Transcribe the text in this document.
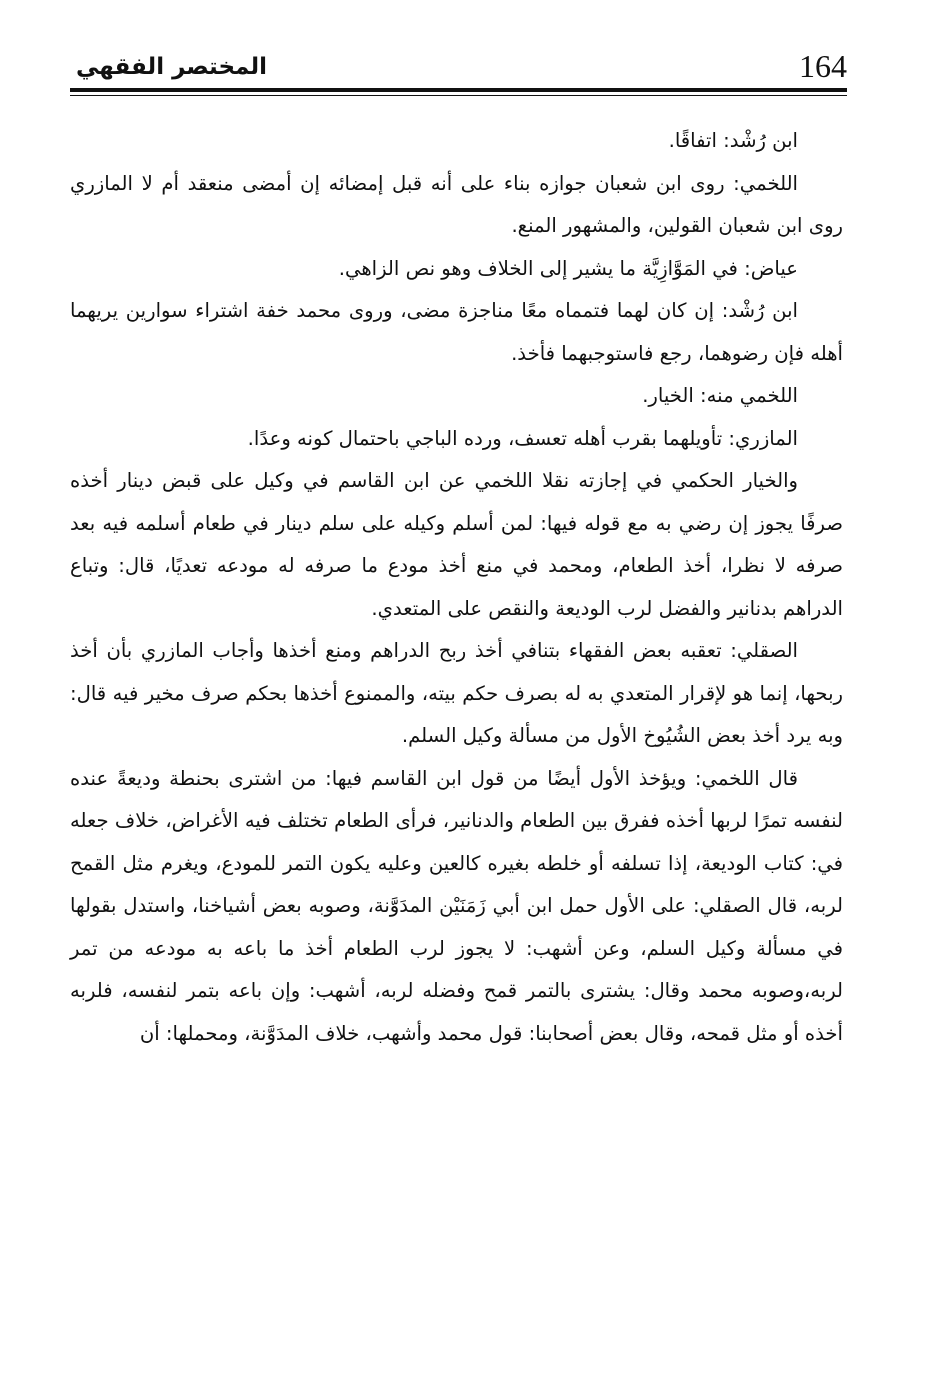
164
المختصر الفقهي

ابن رُشْد: اتفاقًا.

اللخمي: روى ابن شعبان جوازه بناء على أنه قبل إمضائه إن أمضى منعقد أم لا المازري روى ابن شعبان القولين، والمشهور المنع.

عياض: في المَوَّازِيَّة ما يشير إلى الخلاف وهو نص الزاهي.

ابن رُشْد: إن كان لهما فتمماه معًا مناجزة مضى، وروى محمد خفة اشتراء سوارين يريهما أهله فإن رضوهما، رجع فاستوجبهما فأخذ.

اللخمي منه: الخيار.

المازري: تأويلهما بقرب أهله تعسف، ورده الباجي باحتمال كونه وعدًا.

والخيار الحكمي في إجازته نقلا اللخمي عن ابن القاسم في وكيل على قبض دينار أخذه صرفًا يجوز إن رضي به مع قوله فيها: لمن أسلم وكيله على سلم دينار في طعام أسلمه فيه بعد صرفه لا نظرا، أخذ الطعام، ومحمد في منع أخذ مودع ما صرفه له مودعه تعديًا، قال: وتباع الدراهم بدنانير والفضل لرب الوديعة والنقص على المتعدي.

الصقلي: تعقبه بعض الفقهاء بتنافي أخذ ربح الدراهم ومنع أخذها وأجاب المازري بأن أخذ ربحها، إنما هو لإقرار المتعدي به له بصرف حكم بيته، والممنوع أخذها بحكم صرف مخير فيه قال: وبه يرد أخذ بعض الشُيُوخ الأول من مسألة وكيل السلم.

قال اللخمي: ويؤخذ الأول أيضًا من قول ابن القاسم فيها: من اشترى بحنطة وديعةً عنده لنفسه تمرًا لربها أخذه ففرق بين الطعام والدنانير، فرأى الطعام تختلف فيه الأغراض، خلاف جعله في: كتاب الوديعة، إذا تسلفه أو خلطه بغيره كالعين وعليه يكون التمر للمودع، ويغرم مثل القمح لربه، قال الصقلي: على الأول حمل ابن أبي زَمَنَيْن المدَوَّنة، وصوبه بعض أشياخنا، واستدل بقولها في مسألة وكيل السلم، وعن أشهب: لا يجوز لرب الطعام أخذ ما باعه به مودعه من تمر لربه،وصوبه محمد وقال: يشترى بالتمر قمح وفضله لربه، أشهب: وإن باعه بتمر لنفسه، فلربه أخذه أو مثل قمحه، وقال بعض أصحابنا: قول محمد وأشهب، خلاف المدَوَّنة، ومحملها: أن
